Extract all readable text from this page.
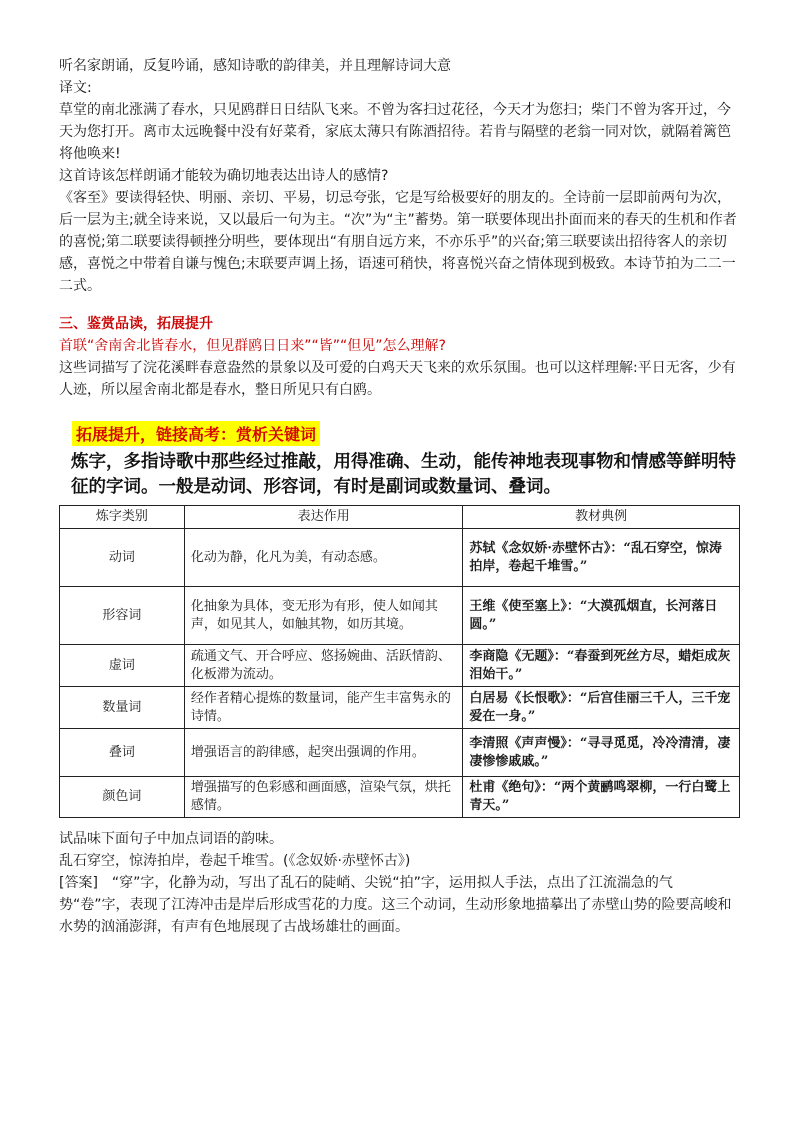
听名家朗诵，反复吟诵，感知诗歌的韵律美，并且理解诗词大意

译文:

草堂的南北涨满了春水，只见鸥群日日结队飞来。不曾为客扫过花径，今天才为您扫；柴门不曾为客开过，今天为您打开。离市太远晚餐中没有好菜肴，家底太薄只有陈酒招待。若肯与隔壁的老翁一同对饮，就隔着篱笆将他唤来!

这首诗该怎样朗诵才能较为确切地表达出诗人的感情?

《客至》要读得轻快、明丽、亲切、平易，切忌夸张，它是写给极要好的朋友的。全诗前一层即前两句为次，后一层为主;就全诗来说，又以最后一句为主。“次”为“主”蓄势。第一联要体现出扑面而来的春天的生机和作者的喜悦;第二联要读得顿挫分明些，要体现出“有朋自远方来，不亦乐乎”的兴奋;第三联要读出招待客人的亲切感，喜悦之中带着自谦与愧色;末联要声调上扬，语速可稍快，将喜悦兴奋之情体现到极致。本诗节拍为二二一二式。

三、鉴赏品读，拓展提升

首联“舍南舍北皆春水，但见群鸥日日来”“皆”“但见”怎么理解?

这些词描写了浣花溪畔春意盎然的景象以及可爱的白鸡天天飞来的欢乐氛围。也可以这样理解:平日无客，少有人迹，所以屋舍南北都是春水，整日所见只有白鸥。

拓展提升，链接高考：赏析关键词
炼字，多指诗歌中那些经过推敲，用得准确、生动，能传神地表现事物和情感等鲜明特征的字词。一般是动词、形容词，有时是副词或数量词、叠词。
炼字类别	表达作用	教材典例
动词	化动为静，化凡为美，有动态感。	苏轼《念奴娇·赤壁怀古》：“乱石穿空，惊涛拍岸，卷起千堆雪。”
形容词	化抽象为具体，变无形为有形，使人如闻其声，如见其人，如触其物，如历其境。	王维《使至塞上》：“大漠孤烟直，长河落日圆。”
虚词	疏通文气、开合呼应、悠扬婉曲、活跃情韵、化板滞为流动。	李商隐《无题》：“春蚕到死丝方尽，蜡炬成灰泪始干。”
数量词	经作者精心提炼的数量词，能产生丰富隽永的诗情。	白居易《长恨歌》：“后宫佳丽三千人，三千宠爱在一身。”
叠词	增强语言的韵律感，起突出强调的作用。	李清照《声声慢》：“寻寻觅觅，冷冷清清，凄凄惨惨戚戚。”
颜色词	增强描写的色彩感和画面感，渲染气氛，烘托感情。	杜甫《绝句》：“两个黄鹂鸣翠柳，一行白鹭上青天。”

试品味下面句子中加点词语的韵味。

乱石穿空，惊涛拍岸，卷起千堆雪。(《念奴娇·赤壁怀古》)

[答案]　“穿”字，化静为动，写出了乱石的陡峭、尖锐“拍”字，运用拟人手法，点出了江流湍急的气势“卷”字，表现了江涛冲击是岸后形成雪花的力度。这三个动词，生动形象地描摹出了赤壁山势的险要高峻和水势的汹涌澎湃，有声有色地展现了古战场雄壮的画面。
